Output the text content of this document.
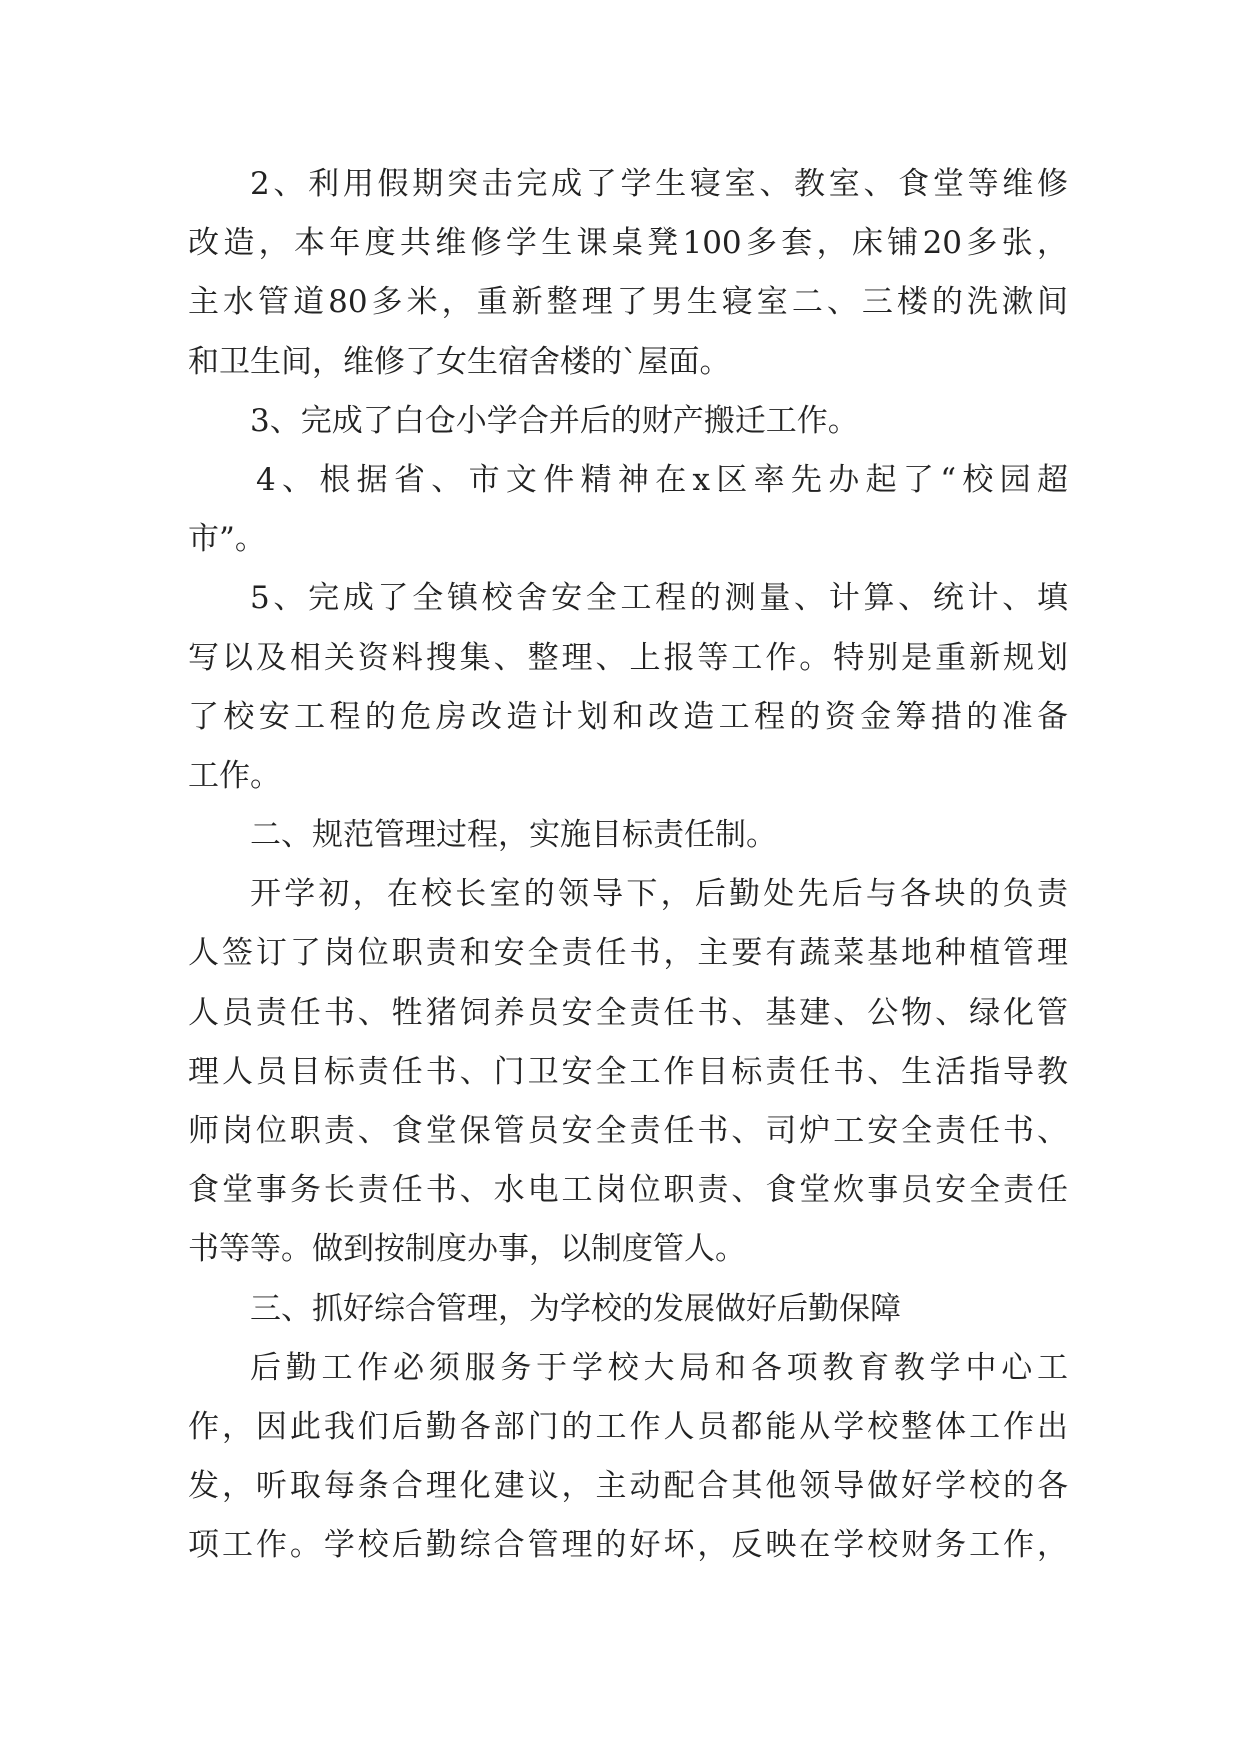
2、利用假期突击完成了学生寝室、教室、食堂等维修
改造，本年度共维修学生课桌凳100多套，床铺20多张，
主水管道80多米，重新整理了男生寝室二、三楼的洗漱间
和卫生间，维修了女生宿舍楼的`屋面。
3、完成了白仓小学合并后的财产搬迁工作。
4、根据省、市文件精神在x区率先办起了“校园超
市”。
5、完成了全镇校舍安全工程的测量、计算、统计、填
写以及相关资料搜集、整理、上报等工作。特别是重新规划
了校安工程的危房改造计划和改造工程的资金筹措的准备
工作。
二、规范管理过程，实施目标责任制。
开学初，在校长室的领导下，后勤处先后与各块的负责
人签订了岗位职责和安全责任书，主要有蔬菜基地种植管理
人员责任书、牲猪饲养员安全责任书、基建、公物、绿化管
理人员目标责任书、门卫安全工作目标责任书、生活指导教
师岗位职责、食堂保管员安全责任书、司炉工安全责任书、
食堂事务长责任书、水电工岗位职责、食堂炊事员安全责任
书等等。做到按制度办事，以制度管人。
三、抓好综合管理，为学校的发展做好后勤保障
后勤工作必须服务于学校大局和各项教育教学中心工
作，因此我们后勤各部门的工作人员都能从学校整体工作出
发，听取每条合理化建议，主动配合其他领导做好学校的各
项工作。学校后勤综合管理的好坏，反映在学校财务工作，
